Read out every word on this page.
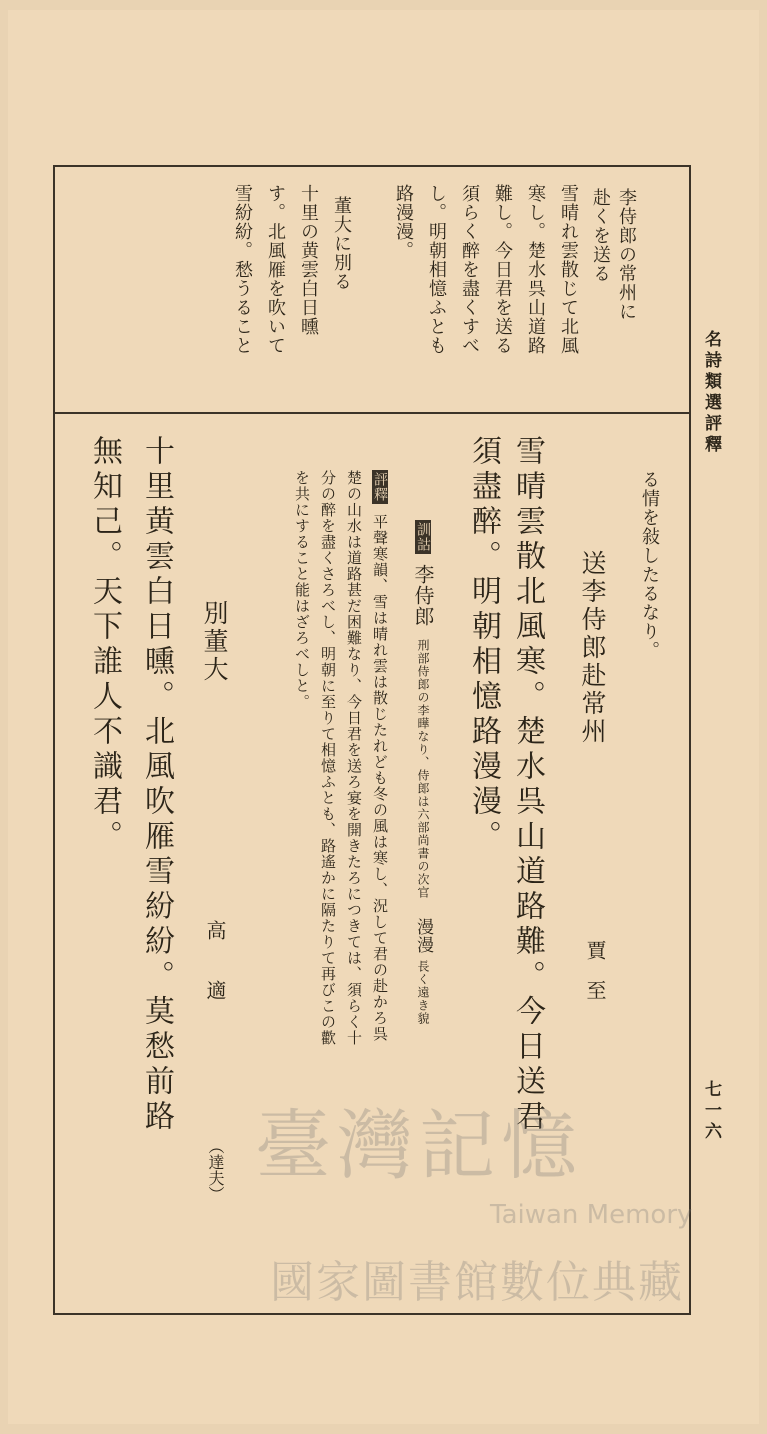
名詩類選評釋
七一六
李侍郎の常州に
赴くを送る
雪晴れ雲散じて北風
寒し。楚水呉山道路
難し。今日君を送る
須らく醉を盡くすべ
し。明朝相憶ふとも
路漫漫。
董大に別る
十里の黄雲白日曛
す。北風雁を吹いて
雪紛紛。愁うること
る情を敍したるなり。
送李侍郎赴常州
賈　至
雪晴雲散北風寒。楚水呉山道路難。今日送君
須盡醉。明朝相憶路漫漫。
訓詁 李侍郎 刑部侍郎の李曄なり、侍郎は六部尚書の次官 漫漫 長く遠き貌
評釋 平聲寒韻、雪は晴れ雲は散じたれども冬の風は寒し、況して君の赴かろ呉
楚の山水は道路甚だ困難なり、今日君を送ろ宴を開きたろにつきては、須らく十
分の醉を盡くさろべし、明朝に至りて相憶ふとも、路遙かに隔たりて再びこの歡
を共にすること能はざろべしと。
別董大
高　　適
（達夫）
十里黄雲白日曛。北風吹雁雪紛紛。莫愁前路
無知己。天下誰人不識君。
臺灣記憶
Taiwan Memory
國家圖書館數位典藏
